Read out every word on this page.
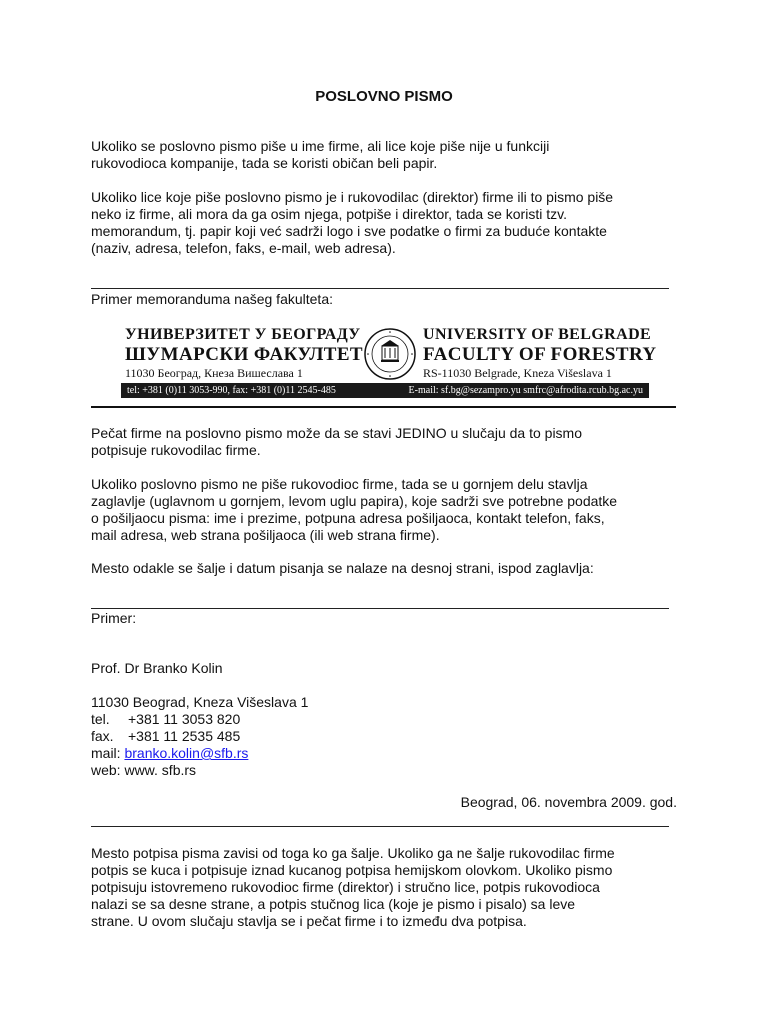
POSLOVNO PISMO
Ukoliko se poslovno pismo piše u ime firme, ali lice koje piše nije u funkciji
rukovodioca kompanije, tada se koristi običan beli papir.
Ukoliko lice koje piše poslovno pismo je i rukovodilac (direktor) firme ili to pismo piše
neko iz firme, ali mora da ga osim njega, potpiše i direktor, tada se koristi tzv.
memorandum, tj. papir koji već sadrži logo i sve podatke o firmi za buduće kontakte
(naziv, adresa, telefon, faks, e-mail, web adresa).
Primer memoranduma našeg fakulteta:
УНИВЕРЗИТЕТ У БЕОГРАДУ
ШУМАРСКИ ФАКУЛТЕТ
11030 Београд, Кнеза Вишеслава 1
UNIVERSITY OF BELGRADE
FACULTY OF FORESTRY
RS-11030 Belgrade, Kneza Višeslava 1
tel: +381 (0)11 3053-990, fax: +381 (0)11 2545-485	E-mail: sf.bg@sezampro.yu smfrc@afrodita.rcub.bg.ac.yu
Pečat firme na poslovno pismo može da se stavi JEDINO u slučaju da to pismo
potpisuje rukovodilac firme.
Ukoliko poslovno pismo ne piše rukovodioc firme, tada se u gornjem delu stavlja
zaglavlje (uglavnom u gornjem, levom uglu papira), koje sadrži sve potrebne podatke
o pošiljaocu pisma: ime i prezime, potpuna adresa pošiljaoca, kontakt telefon, faks,
mail adresa, web strana pošiljaoca (ili web strana firme).
Mesto odakle se šalje i datum pisanja se nalaze na desnoj strani, ispod zaglavlja:
Primer:
Prof. Dr Branko Kolin
11030 Beograd, Kneza Višeslava 1
tel. +381 11 3053 820
fax. +381 11 2535 485
mail: branko.kolin@sfb.rs
web: www. sfb.rs
Beograd, 06. novembra 2009. god.
Mesto potpisa pisma zavisi od toga ko ga šalje. Ukoliko ga ne šalje rukovodilac firme
potpis se kuca i potpisuje iznad kucanog potpisa hemijskom olovkom. Ukoliko pismo
potpisuju istovremeno rukovodioc firme (direktor) i stručno lice, potpis rukovodioca
nalazi se sa desne strane, a potpis stučnog lica (koje je pismo i pisalo) sa leve
strane. U ovom slučaju stavlja se i pečat firme i to između dva potpisa.
